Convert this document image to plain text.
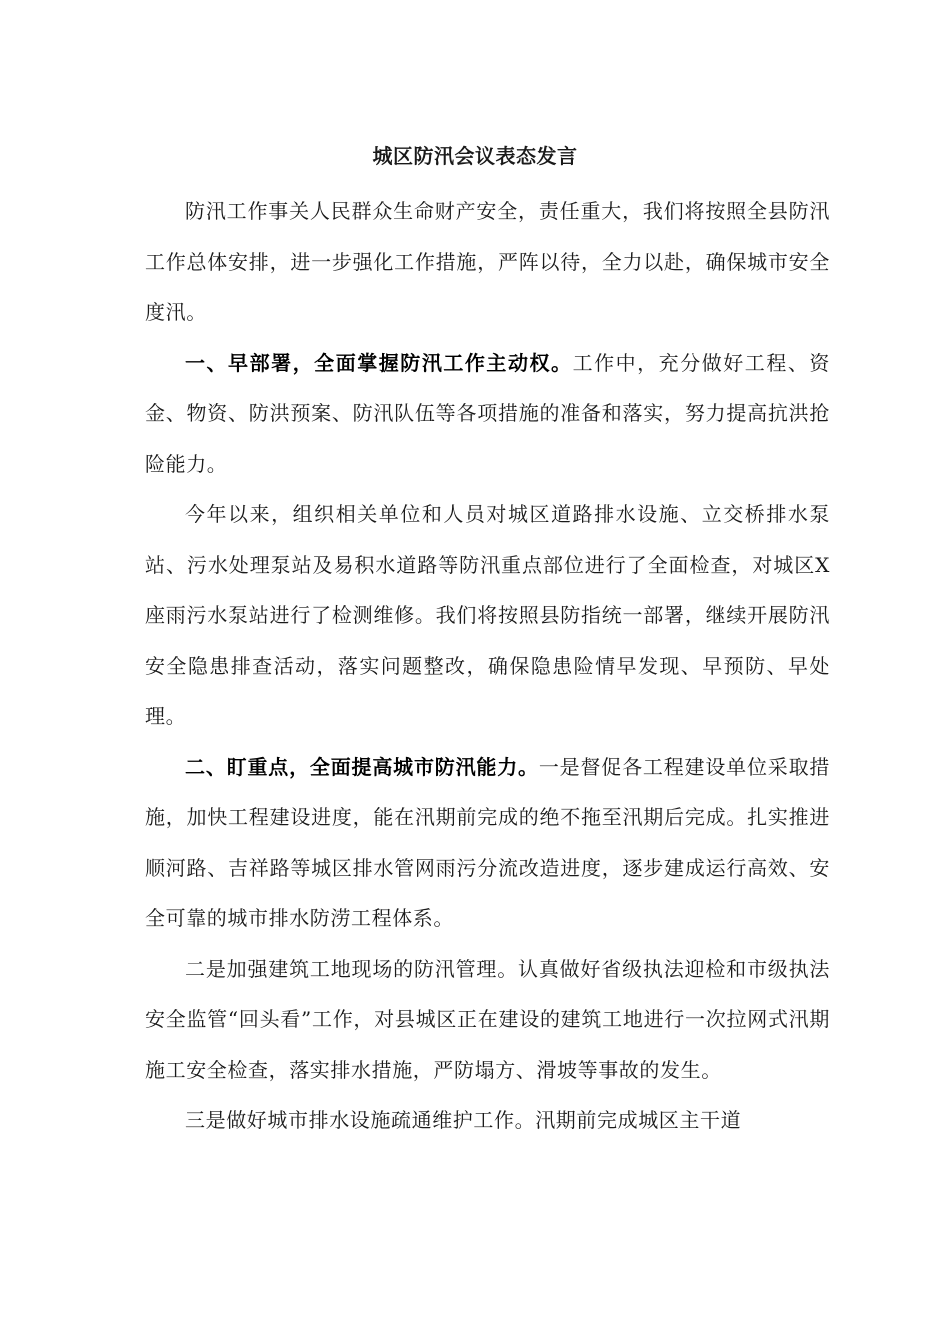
城区防汛会议表态发言

防汛工作事关人民群众生命财产安全，责任重大，我们将按照全县防汛工作总体安排，进一步强化工作措施，严阵以待，全力以赴，确保城市安全度汛。

一、早部署，全面掌握防汛工作主动权。工作中，充分做好工程、资金、物资、防洪预案、防汛队伍等各项措施的准备和落实，努力提高抗洪抢险能力。

今年以来，组织相关单位和人员对城区道路排水设施、立交桥排水泵站、污水处理泵站及易积水道路等防汛重点部位进行了全面检查，对城区X座雨污水泵站进行了检测维修。我们将按照县防指统一部署，继续开展防汛安全隐患排查活动，落实问题整改，确保隐患险情早发现、早预防、早处理。

二、盯重点，全面提高城市防汛能力。一是督促各工程建设单位采取措施，加快工程建设进度，能在汛期前完成的绝不拖至汛期后完成。扎实推进顺河路、吉祥路等城区排水管网雨污分流改造进度，逐步建成运行高效、安全可靠的城市排水防涝工程体系。

二是加强建筑工地现场的防汛管理。认真做好省级执法迎检和市级执法安全监管“回头看”工作，对县城区正在建设的建筑工地进行一次拉网式汛期施工安全检查，落实排水措施，严防塌方、滑坡等事故的发生。

三是做好城市排水设施疏通维护工作。汛期前完成城区主干道
